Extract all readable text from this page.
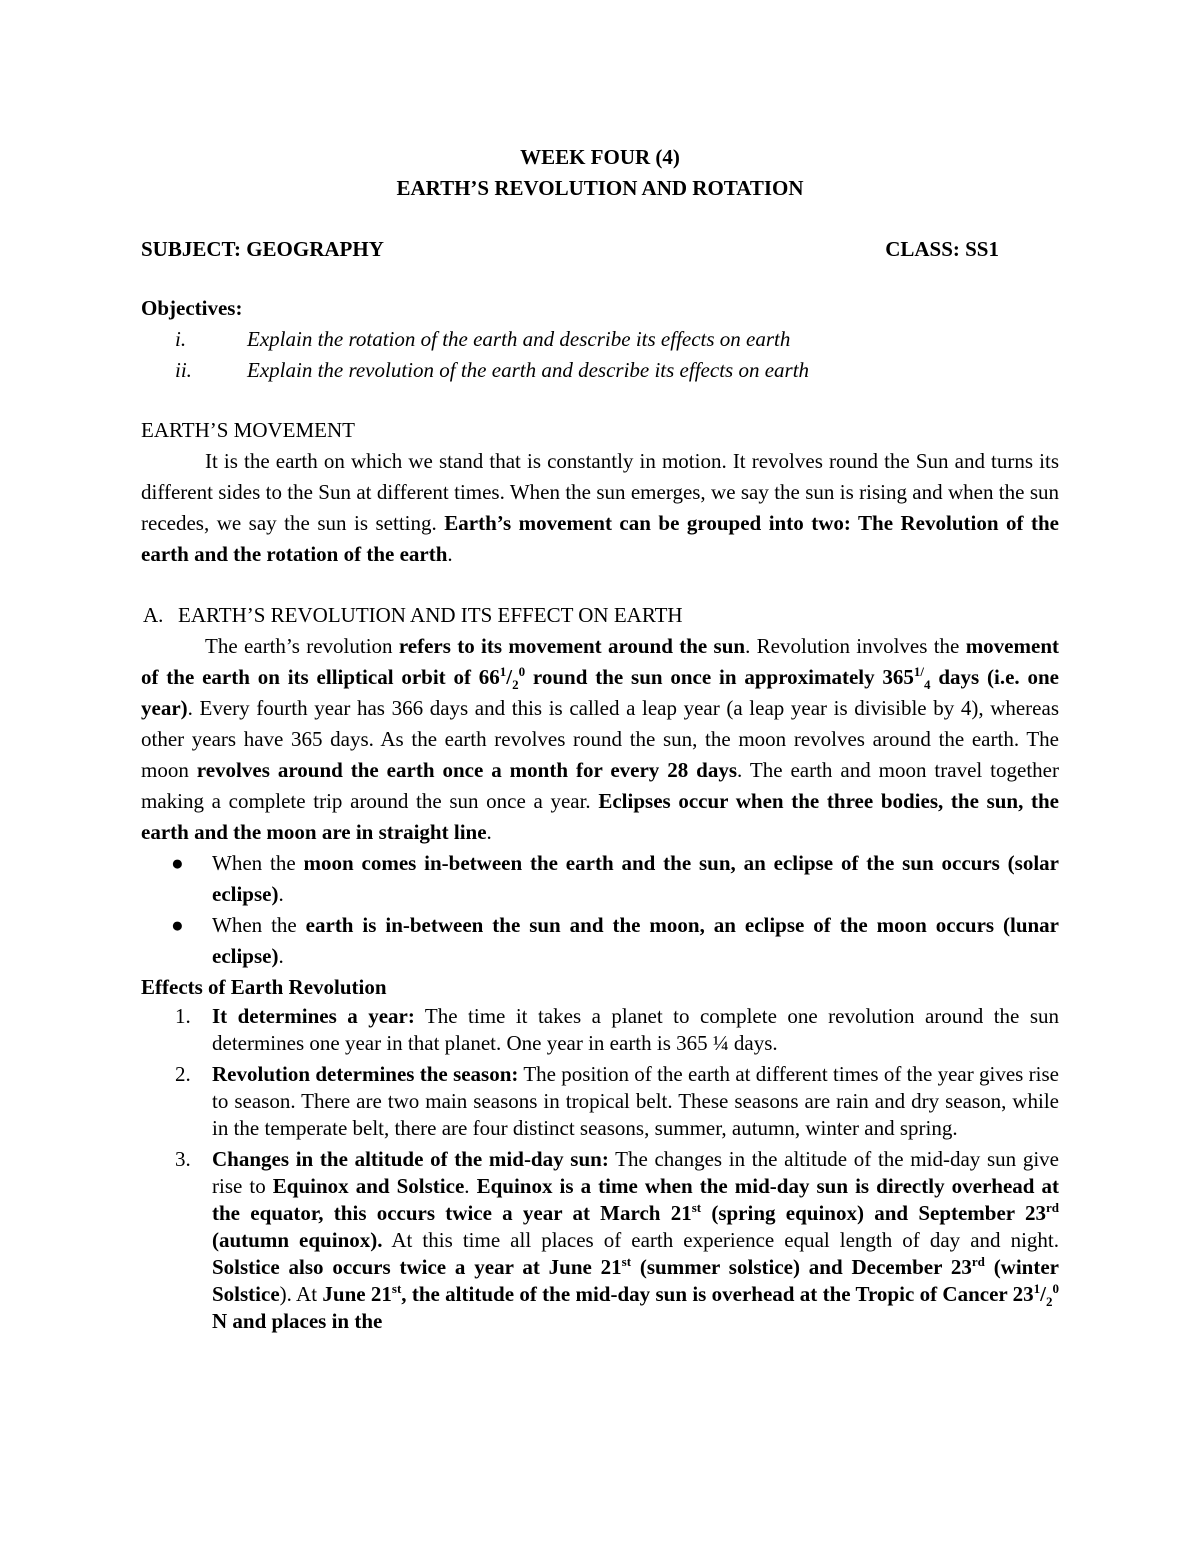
WEEK FOUR (4)
EARTH’S REVOLUTION AND ROTATION
SUBJECT: GEOGRAPHY	CLASS: SS1
Objectives:
i.	Explain the rotation of the earth and describe its effects on earth
ii.	Explain the revolution of the earth and describe its effects on earth
EARTH’S MOVEMENT
It is the earth on which we stand that is constantly in motion. It revolves round the Sun and turns its different sides to the Sun at different times. When the sun emerges, we say the sun is rising and when the sun recedes, we say the sun is setting. Earth’s movement can be grouped into two: The Revolution of the earth and the rotation of the earth.
A. EARTH’S REVOLUTION AND ITS EFFECT ON EARTH
The earth’s revolution refers to its movement around the sun. Revolution involves the movement of the earth on its elliptical orbit of $66^1/_2^0$ round the sun once in approximately $365^{1/}_4$ days (i.e. one year). Every fourth year has 366 days and this is called a leap year (a leap year is divisible by 4), whereas other years have 365 days. As the earth revolves round the sun, the moon revolves around the earth. The moon revolves around the earth once a month for every 28 days. The earth and moon travel together making a complete trip around the sun once a year. Eclipses occur when the three bodies, the sun, the earth and the moon are in straight line.
●	When the moon comes in-between the earth and the sun, an eclipse of the sun occurs (solar eclipse).
●	When the earth is in-between the sun and the moon, an eclipse of the moon occurs (lunar eclipse).
Effects of Earth Revolution
1.	It determines a year: The time it takes a planet to complete one revolution around the sun determines one year in that planet. One year in earth is 365 ¼ days.
2.	Revolution determines the season: The position of the earth at different times of the year gives rise to season. There are two main seasons in tropical belt. These seasons are rain and dry season, while in the temperate belt, there are four distinct seasons, summer, autumn, winter and spring.
3.	Changes in the altitude of the mid-day sun: The changes in the altitude of the mid-day sun give rise to Equinox and Solstice. Equinox is a time when the mid-day sun is directly overhead at the equator, this occurs twice a year at March 21st (spring equinox) and September 23rd (autumn equinox). At this time all places of earth experience equal length of day and night. Solstice also occurs twice a year at June 21st (summer solstice) and December 23rd (winter Solstice). At June 21st, the altitude of the mid-day sun is overhead at the Tropic of Cancer $23^1/_2^0$ N and places in the
